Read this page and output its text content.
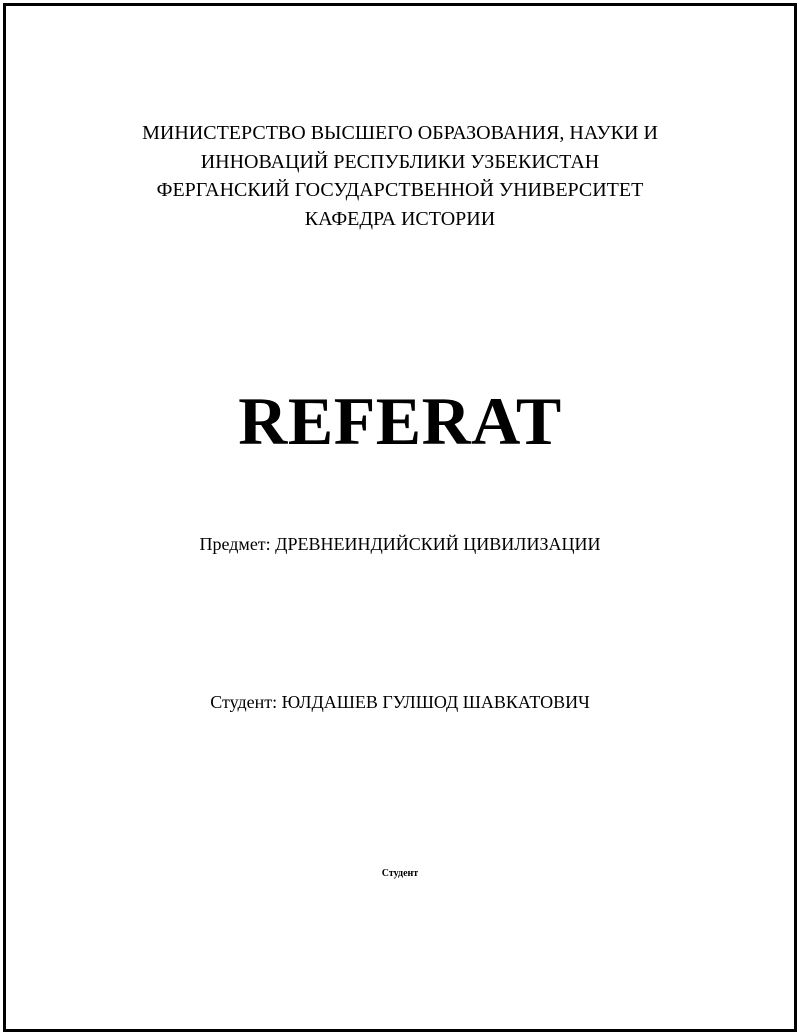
МИНИСТЕРСТВО ВЫСШЕГО ОБРАЗОВАНИЯ, НАУКИ И
ИННОВАЦИЙ РЕСПУБЛИКИ УЗБЕКИСТАН
ФЕРГАНСКИЙ ГОСУДАРСТВЕННОЙ УНИВЕРСИТЕТ
КАФЕДРА ИСТОРИИ
REFERAT
Предмет: ДРЕВНЕИНДИЙСКИЙ ЦИВИЛИЗАЦИИ
Студент: ЮЛДАШЕВ ГУЛШОД ШАВКАТОВИЧ
Студент
